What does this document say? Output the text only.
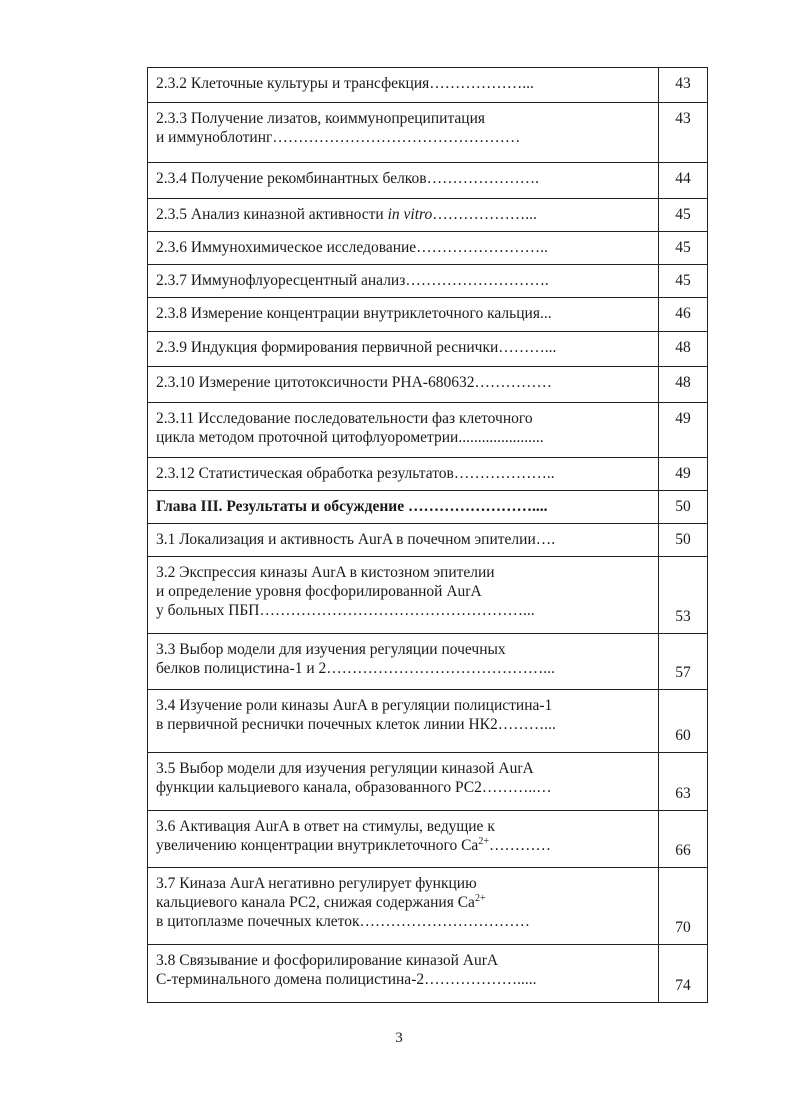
2.3.2 Клеточные культуры и трансфекция………………...	43

2.3.3 Получение лизатов, коиммунопреципитация
и иммуноблотинг…………………………………………	43

2.3.4 Получение рекомбинантных белков………………….	44

2.3.5 Анализ киназной активности in vitro………………...	45

2.3.6 Иммунохимическое исследование……………………..	45

2.3.7 Иммунофлуоресцентный анализ……………………….	45

2.3.8 Измерение концентрации внутриклеточного кальция...	46

2.3.9 Индукция формирования первичной реснички………...	48

2.3.10 Измерение цитотоксичности PHA-680632……………	48

2.3.11 Исследование последовательности фаз клеточного
цикла методом проточной цитофлуорометрии......................	49

2.3.12 Статистическая обработка результатов………………..	49

Глава III. Результаты и обсуждение ……………………....	50

3.1 Локализация и активность AurA в почечном эпителии….	50

3.2 Экспрессия киназы AurA в кистозном эпителии
и определение уровня фосфорилированной AurA
у больных ПБП……………………………………………...	53

3.3 Выбор модели для изучения регуляции почечных
белков полицистина-1 и 2……………………………………...	57

3.4 Изучение роли киназы AurA в регуляции полицистина-1
в первичной реснички почечных клеток линии НК2………...	60

3.5 Выбор модели для изучения регуляции киназой AurA
функции кальциевого канала, образованного РС2………..…	63

3.6 Активация AurA в ответ на стимулы, ведущие к
увеличению концентрации внутриклеточного $Са^{2+}\dots\dots\dots\dots$	66

3.7 Киназа AurA негативно регулирует функцию
кальциевого канала РС2, снижая содержания $Са^{2+}$
в цитоплазме почечных клеток……………………………	70

3.8 Связывание и фосфорилирование киназой AurA
С-терминального домена полицистина-2……………….....	74
3
